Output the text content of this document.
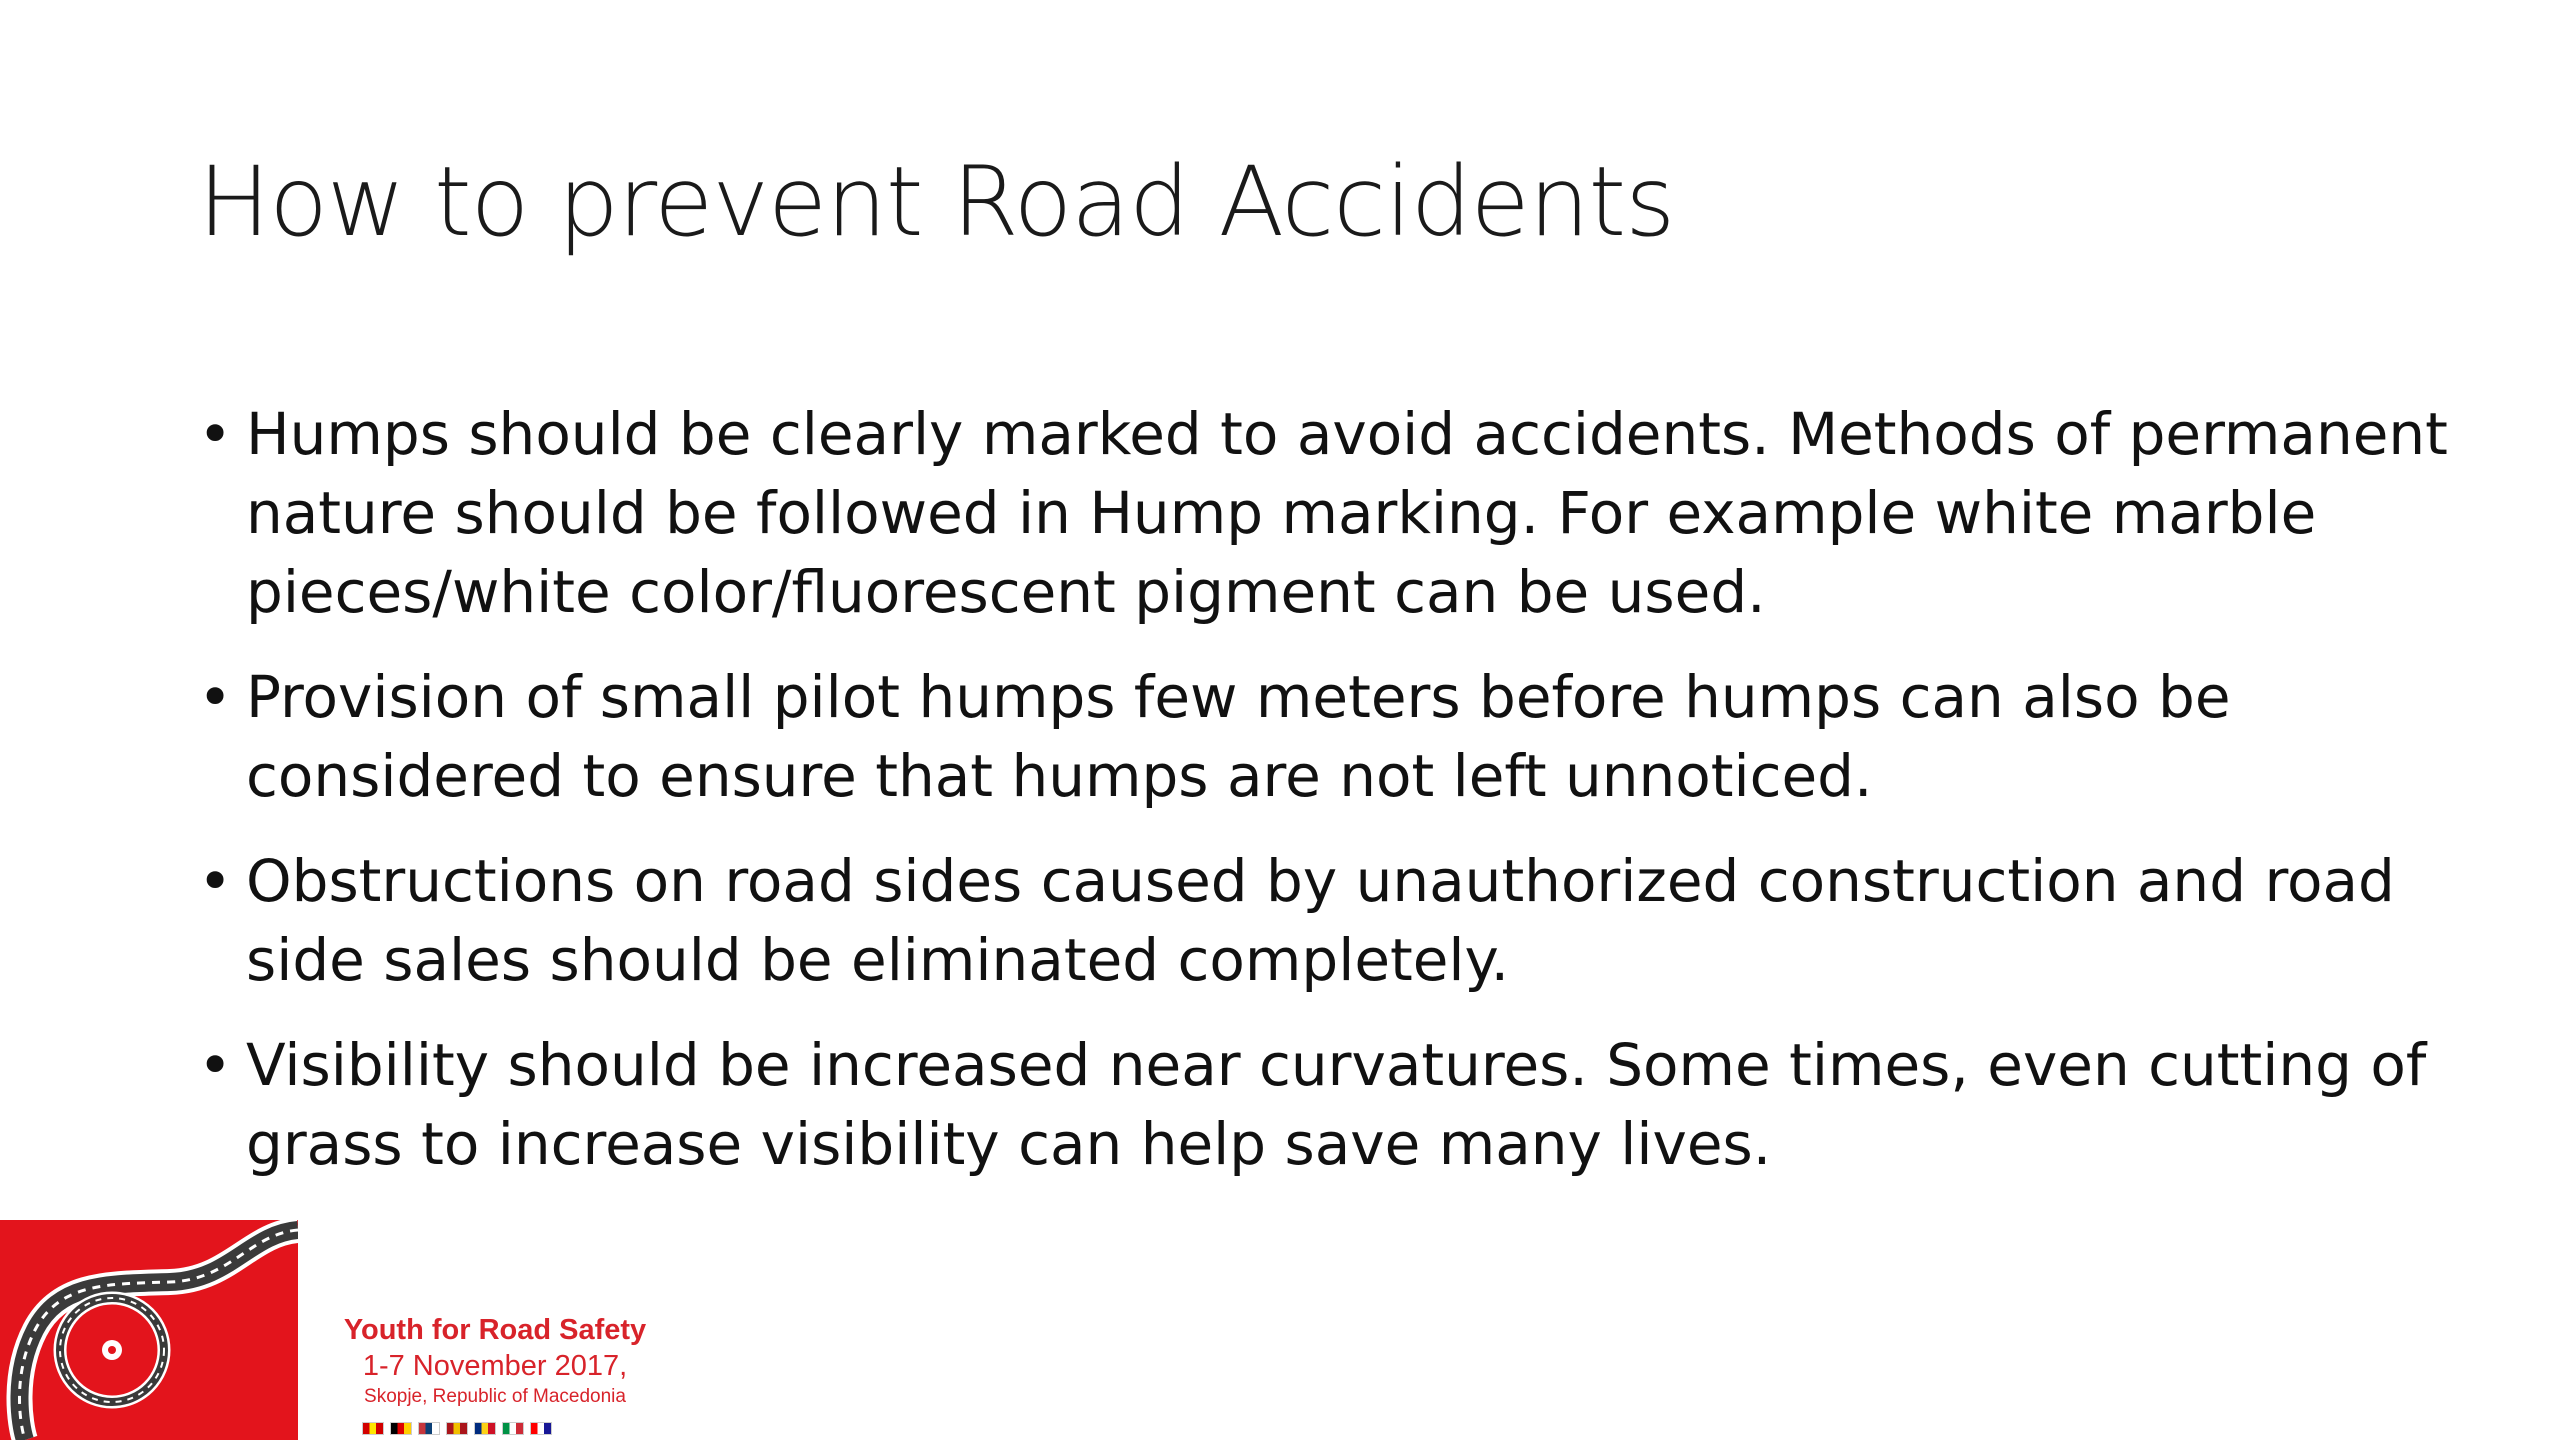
How to prevent Road Accidents
• Humps should be clearly marked to avoid accidents. Methods of permanent nature should be followed in Hump marking. For example white marble pieces/white color/fluorescent pigment can be used.
• Provision of small pilot humps few meters before humps can also be considered to ensure that humps are not left unnoticed.
• Obstructions on road sides caused by unauthorized construction and road side sales should be eliminated completely.
• Visibility should be increased near curvatures. Some times, even cutting of grass to increase visibility can help save many lives.
Youth for Road Safety
1-7 November 2017,
Skopje, Republic of Macedonia
